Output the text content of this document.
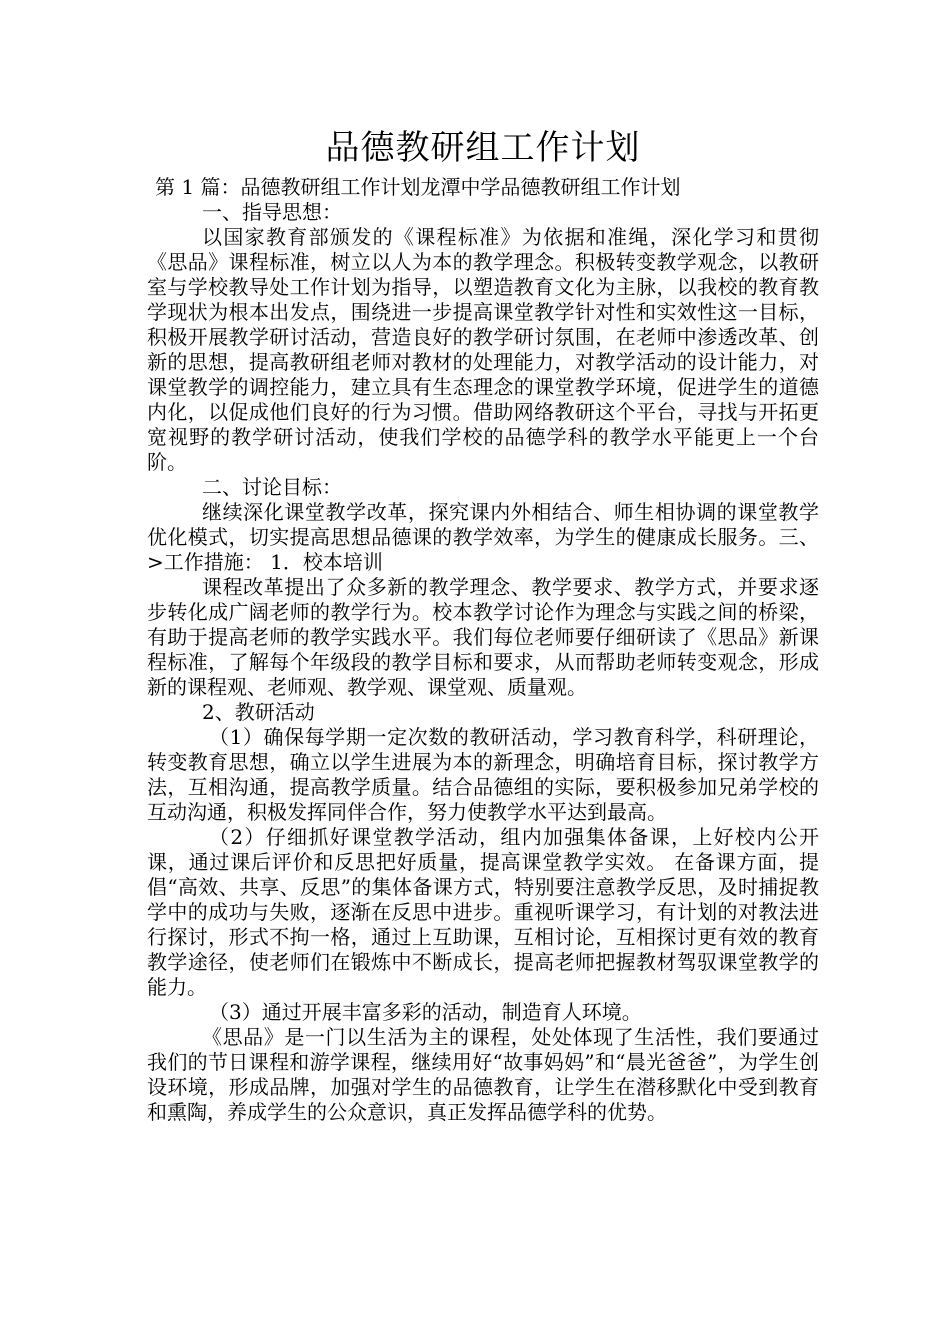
品德教研组工作计划

第 1 篇：品德教研组工作计划龙潭中学品德教研组工作计划

一、指导思想：

以国家教育部颁发的《课程标准》为依据和准绳，深化学习和贯彻《思品》课程标准，树立以人为本的教学理念。积极转变教学观念，以教研室与学校教导处工作计划为指导，以塑造教育文化为主脉，以我校的教育教学现状为根本出发点，围绕进一步提高课堂教学针对性和实效性这一目标，积极开展教学研讨活动，营造良好的教学研讨氛围，在老师中渗透改革、创新的思想，提高教研组老师对教材的处理能力，对教学活动的设计能力，对课堂教学的调控能力，建立具有生态理念的课堂教学环境，促进学生的道德内化，以促成他们良好的行为习惯。借助网络教研这个平台，寻找与开拓更宽视野的教学研讨活动，使我们学校的品德学科的教学水平能更上一个台阶。

二、讨论目标：

继续深化课堂教学改革，探究课内外相结合、师生相协调的课堂教学优化模式，切实提高思想品德课的教学效率，为学生的健康成长服务。三、>工作措施： 1．校本培训

课程改革提出了众多新的教学理念、教学要求、教学方式，并要求逐步转化成广阔老师的教学行为。校本教学讨论作为理念与实践之间的桥梁，有助于提高老师的教学实践水平。我们每位老师要仔细研读了《思品》新课程标准，了解每个年级段的教学目标和要求，从而帮助老师转变观念，形成新的课程观、老师观、教学观、课堂观、质量观。

2、教研活动

（1）确保每学期一定次数的教研活动，学习教育科学，科研理论，转变教育思想，确立以学生进展为本的新理念，明确培育目标，探讨教学方法，互相沟通，提高教学质量。结合品德组的实际，要积极参加兄弟学校的互动沟通，积极发挥同伴合作，努力使教学水平达到最高。

（2）仔细抓好课堂教学活动，组内加强集体备课，上好校内公开课，通过课后评价和反思把好质量，提高课堂教学实效。 在备课方面，提倡“高效、共享、反思”的集体备课方式，特别要注意教学反思，及时捕捉教学中的成功与失败，逐渐在反思中进步。重视听课学习，有计划的对教法进行探讨，形式不拘一格，通过上互助课，互相讨论，互相探讨更有效的教育教学途径，使老师们在锻炼中不断成长，提高老师把握教材驾驭课堂教学的能力。

（3）通过开展丰富多彩的活动，制造育人环境。

《思品》是一门以生活为主的课程，处处体现了生活性，我们要通过我们的节日课程和游学课程，继续用好“故事妈妈”和“晨光爸爸”，为学生创设环境，形成品牌，加强对学生的品德教育，让学生在潜移默化中受到教育和熏陶，养成学生的公众意识，真正发挥品德学科的优势。
